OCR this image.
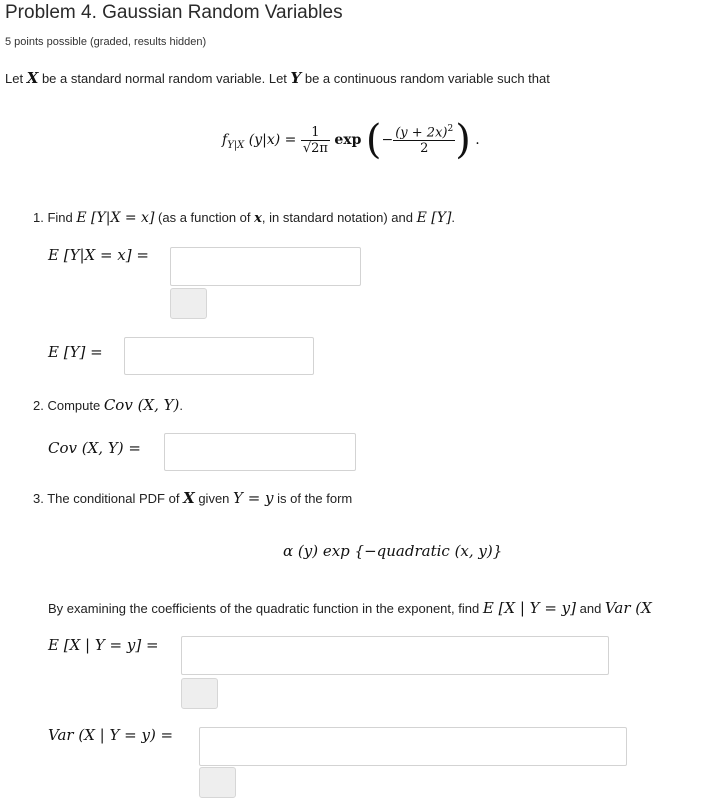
Problem 4. Gaussian Random Variables
5 points possible (graded, results hidden)
Let X be a standard normal random variable. Let Y be a continuous random variable such that
$f_{Y|X}$ $(y|x) = \frac{1}{√2\pi}$ exp (− $\frac{(y + 2x)^2}{2}$ ) .
1. Find E [Y|X = x] (as a function of x, in standard notation) and E [Y].
E [Y|X = x] =
E [Y] =
2. Compute Cov (X, Y).
Cov (X, Y) =
3. The conditional PDF of X given Y = y is of the form
α (y) exp {−quadratic (x, y)}
By examining the coefficients of the quadratic function in the exponent, find E [X | Y = y] and Var (X
E [X | Y = y] =
Var (X | Y = y) =
